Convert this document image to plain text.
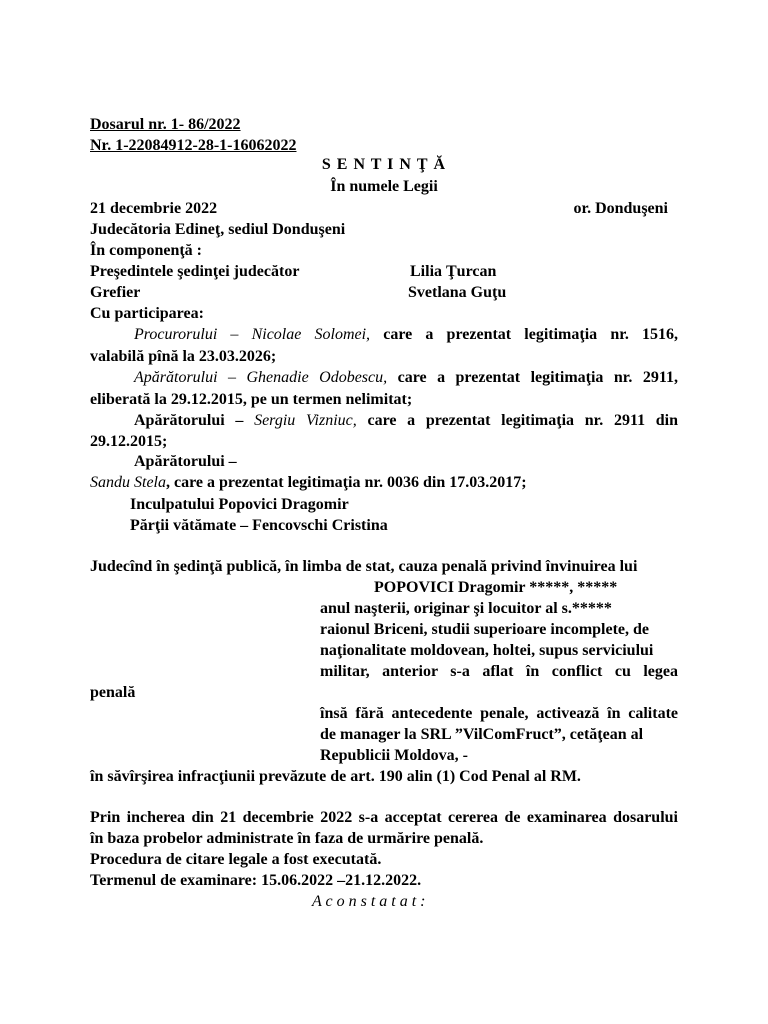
Dosarul nr. 1- 86/2022
Nr. 1-22084912-28-1-16062022
S E N T I N Ţ Ă
În numele Legii
21 decembrie 2022	or. Donduşeni
Judecătoria Edineţ, sediul Donduşeni
În componenţă :
Preşedintele şedinţei judecător	Lilia Ţurcan
Grefier	Svetlana Guţu
Cu participarea:
Procurorului – Nicolae Solomei, care a prezentat legitimaţia nr. 1516,
valabilă pînă la 23.03.2026;
Apărătorului – Ghenadie Odobescu, care a prezentat legitimaţia nr. 2911,
eliberată la 29.12.2015, pe un termen nelimitat;
Apărătorului – Sergiu Vizniuc, care a prezentat legitimaţia nr. 2911 din
29.12.2015;
Apărătorului –
Sandu Stela, care a prezentat legitimaţia nr. 0036 din 17.03.2017;
Inculpatului Popovici Dragomir
Părţii vătămate – Fencovschi Cristina
Judecînd în şedinţă publică, în limba de stat, cauza penală privind învinuirea lui
POPOVICI Dragomir *****, *****
anul naşterii, originar şi locuitor al s.*****
raionul Briceni, studii superioare incomplete, de
naţionalitate moldovean, holtei, supus serviciului
militar, anterior s-a aflat în conflict cu legea
penală
însă fără antecedente penale, activează în calitate
de manager la SRL ”VilComFruct”, cetăţean al
Republicii Moldova, -
în săvîrşirea infracţiunii prevăzute de art. 190 alin (1) Cod Penal al RM.
Prin incherea din 21 decembrie 2022 s-a acceptat cererea de examinarea dosarului
în baza probelor administrate în faza de urmărire penală.
Procedura de citare legale a fost executată.
Termenul de examinare: 15.06.2022 –21.12.2022.
A c o n s t a t a t :
